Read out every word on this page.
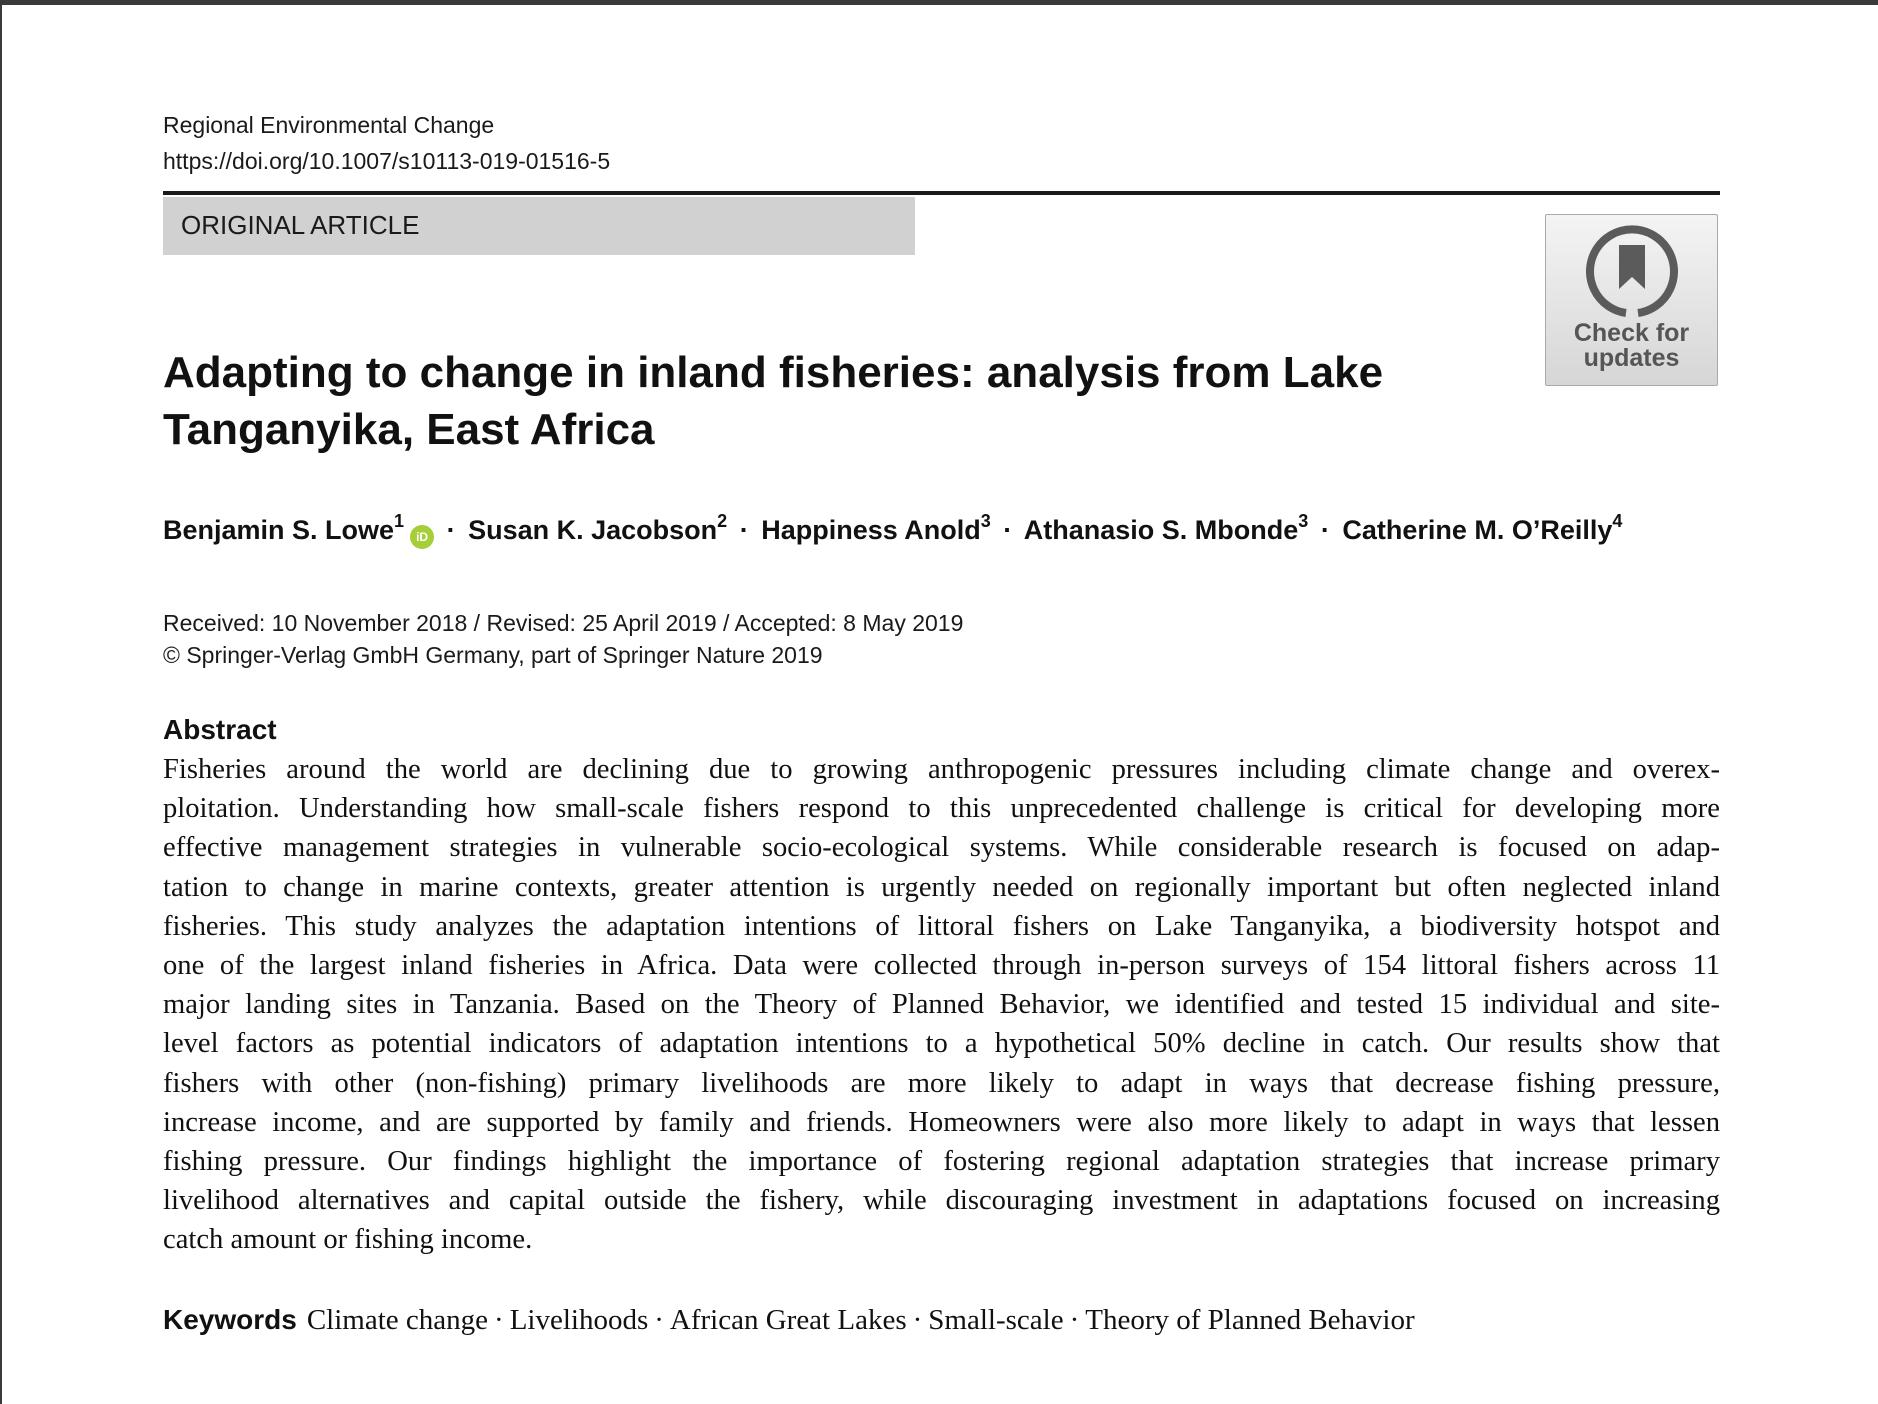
Regional Environmental Change
https://doi.org/10.1007/s10113-019-01516-5
ORIGINAL ARTICLE
Check for
updates
Adapting to change in inland fisheries: analysis from Lake
Tanganyika, East Africa
Benjamin S. Lowe$^1$iD · Susan K. Jacobson$^2$ · Happiness Anold$^3$ · Athanasio S. Mbonde$^3$ · Catherine M. O’Reilly$^4$
Received: 10 November 2018 / Revised: 25 April 2019 / Accepted: 8 May 2019
© Springer-Verlag GmbH Germany, part of Springer Nature 2019
Abstract
Fisheries around the world are declining due to growing anthropogenic pressures including climate change and overex-
ploitation. Understanding how small-scale fishers respond to this unprecedented challenge is critical for developing more
effective management strategies in vulnerable socio-ecological systems. While considerable research is focused on adap-
tation to change in marine contexts, greater attention is urgently needed on regionally important but often neglected inland
fisheries. This study analyzes the adaptation intentions of littoral fishers on Lake Tanganyika, a biodiversity hotspot and
one of the largest inland fisheries in Africa. Data were collected through in-person surveys of 154 littoral fishers across 11
major landing sites in Tanzania. Based on the Theory of Planned Behavior, we identified and tested 15 individual and site-
level factors as potential indicators of adaptation intentions to a hypothetical 50% decline in catch. Our results show that
fishers with other (non-fishing) primary livelihoods are more likely to adapt in ways that decrease fishing pressure,
increase income, and are supported by family and friends. Homeowners were also more likely to adapt in ways that lessen
fishing pressure. Our findings highlight the importance of fostering regional adaptation strategies that increase primary
livelihood alternatives and capital outside the fishery, while discouraging investment in adaptations focused on increasing
catch amount or fishing income.
Keywords Climate change · Livelihoods · African Great Lakes · Small-scale · Theory of Planned Behavior
